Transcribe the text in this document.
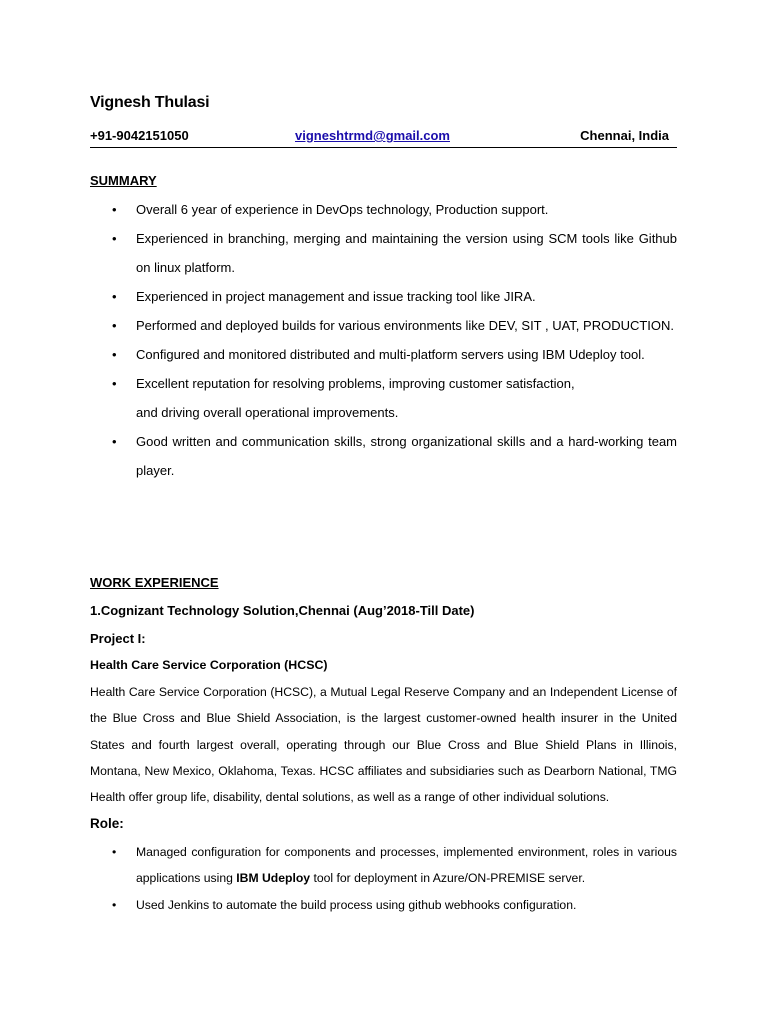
Vignesh Thulasi
+91-9042151050	vigneshtrmd@gmail.com	Chennai, India
SUMMARY
• Overall 6 year of experience in DevOps technology, Production support.
• Experienced in branching, merging and maintaining the version using SCM tools like Github on linux platform.
• Experienced in project management and issue tracking tool like JIRA.
• Performed and deployed builds for various environments like DEV, SIT , UAT, PRODUCTION.
• Configured and monitored distributed and multi-platform servers using IBM Udeploy tool.
• Excellent reputation for resolving problems, improving customer satisfaction,
and driving overall operational improvements.
• Good written and communication skills, strong organizational skills and a hard-working team player.
WORK EXPERIENCE
1.Cognizant Technology Solution,Chennai (Aug’2018-Till Date)
Project I:
Health Care Service Corporation (HCSC)
Health Care Service Corporation (HCSC), a Mutual Legal Reserve Company and an Independent License of the Blue Cross and Blue Shield Association, is the largest customer-owned health insurer in the United States and fourth largest overall, operating through our Blue Cross and Blue Shield Plans in Illinois, Montana, New Mexico, Oklahoma, Texas. HCSC affiliates and subsidiaries such as Dearborn National, TMG Health offer group life, disability, dental solutions, as well as a range of other individual solutions.
Role:
• Managed configuration for components and processes, implemented environment, roles in various applications using IBM Udeploy tool for deployment in Azure/ON-PREMISE server.
• Used Jenkins to automate the build process using github webhooks configuration.
